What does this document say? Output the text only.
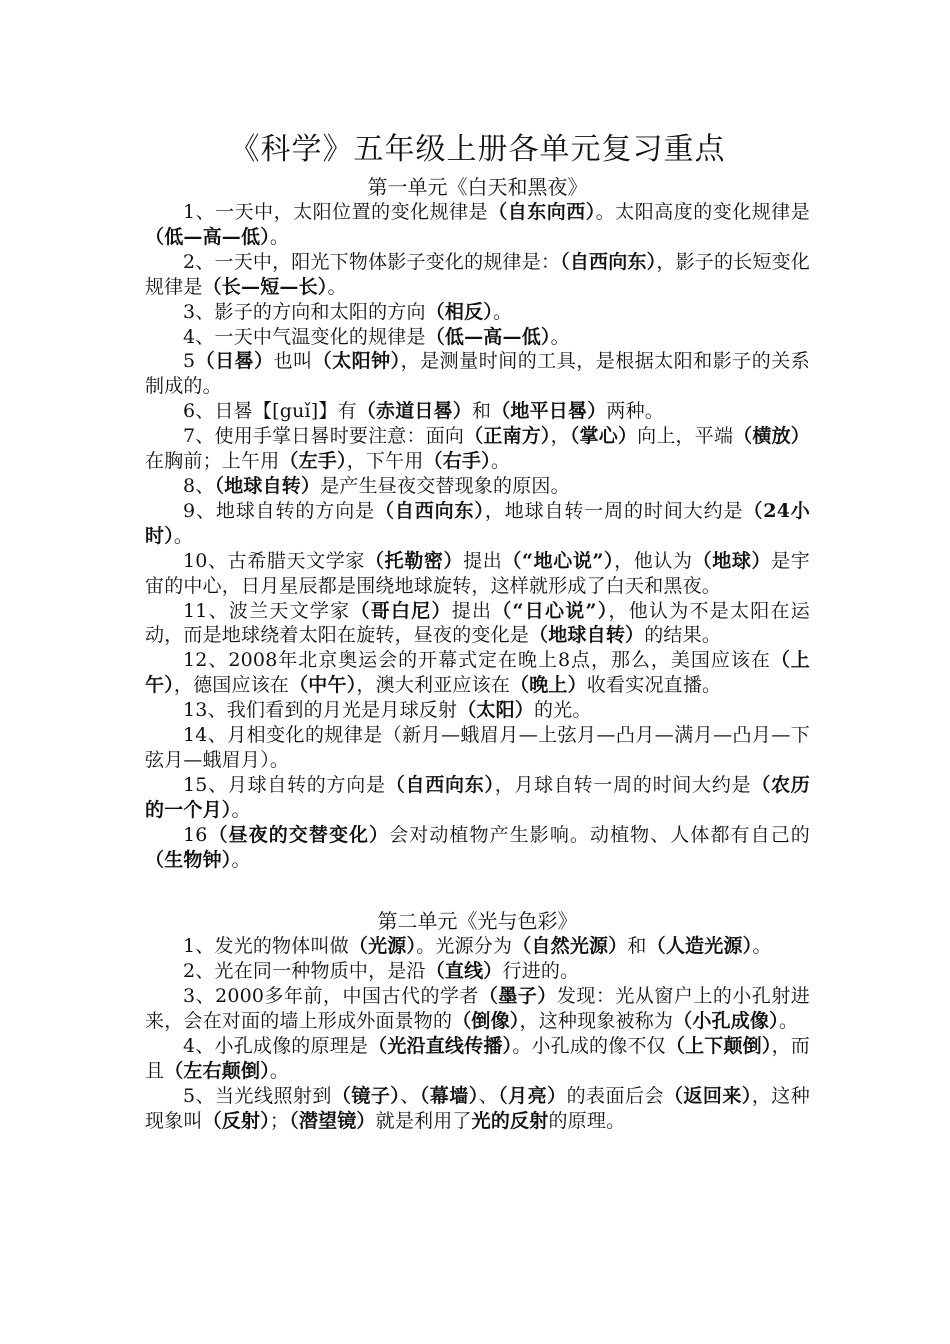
《科学》五年级上册各单元复习重点
第一单元《白天和黑夜》

1、一天中，太阳位置的变化规律是（自东向西）。太阳高度的变化规律是（低—高—低）。

2、一天中，阳光下物体影子变化的规律是：（自西向东），影子的长短变化规律是（长—短—长）。

3、影子的方向和太阳的方向（相反）。

4、一天中气温变化的规律是（低—高—低）。

5（日晷）也叫（太阳钟），是测量时间的工具，是根据太阳和影子的关系制成的。

6、日晷【[guǐ]】有（赤道日晷）和（地平日晷）两种。

7、使用手掌日晷时要注意：面向（正南方），（掌心）向上，平端（横放）在胸前；上午用（左手），下午用（右手）。

8、（地球自转）是产生昼夜交替现象的原因。

9、地球自转的方向是（自西向东），地球自转一周的时间大约是（24小时）。

10、古希腊天文学家（托勒密）提出（“地心说”），他认为（地球）是宇宙的中心，日月星辰都是围绕地球旋转，这样就形成了白天和黑夜。

11、波兰天文学家（哥白尼）提出（“日心说”），他认为不是太阳在运动，而是地球绕着太阳在旋转，昼夜的变化是（地球自转）的结果。

12、2008年北京奥运会的开幕式定在晚上8点，那么，美国应该在（上午），德国应该在（中午），澳大利亚应该在（晚上）收看实况直播。

13、我们看到的月光是月球反射（太阳）的光。

14、月相变化的规律是（新月—蛾眉月—上弦月—凸月—满月—凸月—下弦月—蛾眉月）。

15、月球自转的方向是（自西向东），月球自转一周的时间大约是（农历的一个月）。

16（昼夜的交替变化）会对动植物产生影响。动植物、人体都有自己的（生物钟）。

第二单元《光与色彩》

1、发光的物体叫做（光源）。光源分为（自然光源）和（人造光源）。

2、光在同一种物质中，是沿（直线）行进的。

3、2000多年前，中国古代的学者（墨子）发现：光从窗户上的小孔射进来，会在对面的墙上形成外面景物的（倒像），这种现象被称为（小孔成像）。

4、小孔成像的原理是（光沿直线传播）。小孔成的像不仅（上下颠倒），而且（左右颠倒）。

5、当光线照射到（镜子）、（幕墙）、（月亮）的表面后会（返回来），这种现象叫（反射）；（潜望镜）就是利用了光的反射的原理。
